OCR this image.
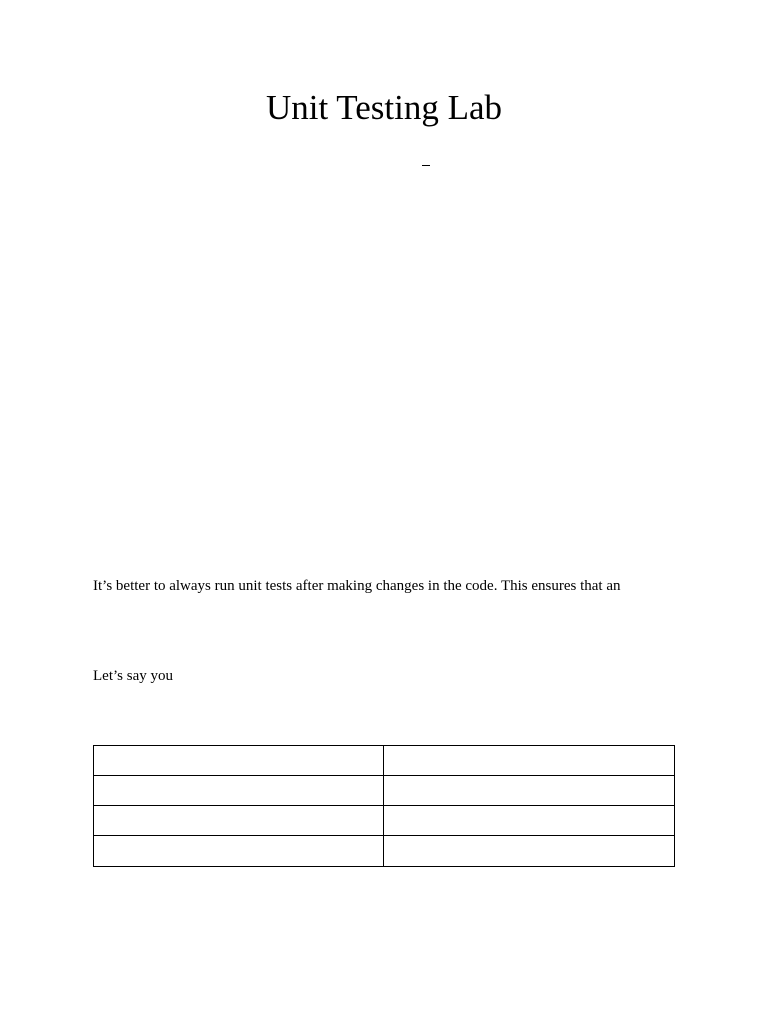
Unit Testing Lab

It’s better to always run unit tests after making changes in the code. This ensures that an

Let’s say you
